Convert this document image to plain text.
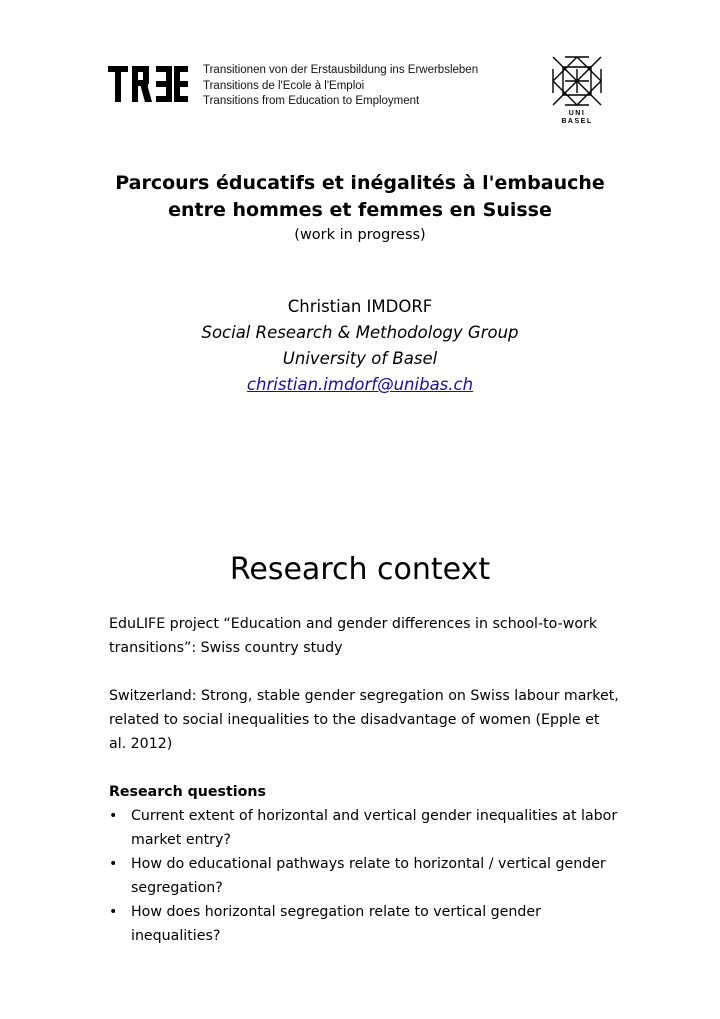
Transitionen von der Erstausbildung ins Erwerbsleben
Transitions de l'Ecole à l'Emploi
Transitions from Education to Employment
UNI
BASEL
Parcours éducatifs et inégalités à l'embauche
entre hommes et femmes en Suisse
(work in progress)
Christian IMDORF
Social Research & Methodology Group
University of Basel
christian.imdorf@unibas.ch
Research context

EduLIFE project “Education and gender differences in school-to-work transitions”: Swiss country study

Switzerland: Strong, stable gender segregation on Swiss labour market, related to social inequalities to the disadvantage of women (Epple et al. 2012)

Research questions

• Current extent of horizontal and vertical gender inequalities at labor market entry?
• How do educational pathways relate to horizontal / vertical gender segregation?
• How does horizontal segregation relate to vertical gender inequalities?
